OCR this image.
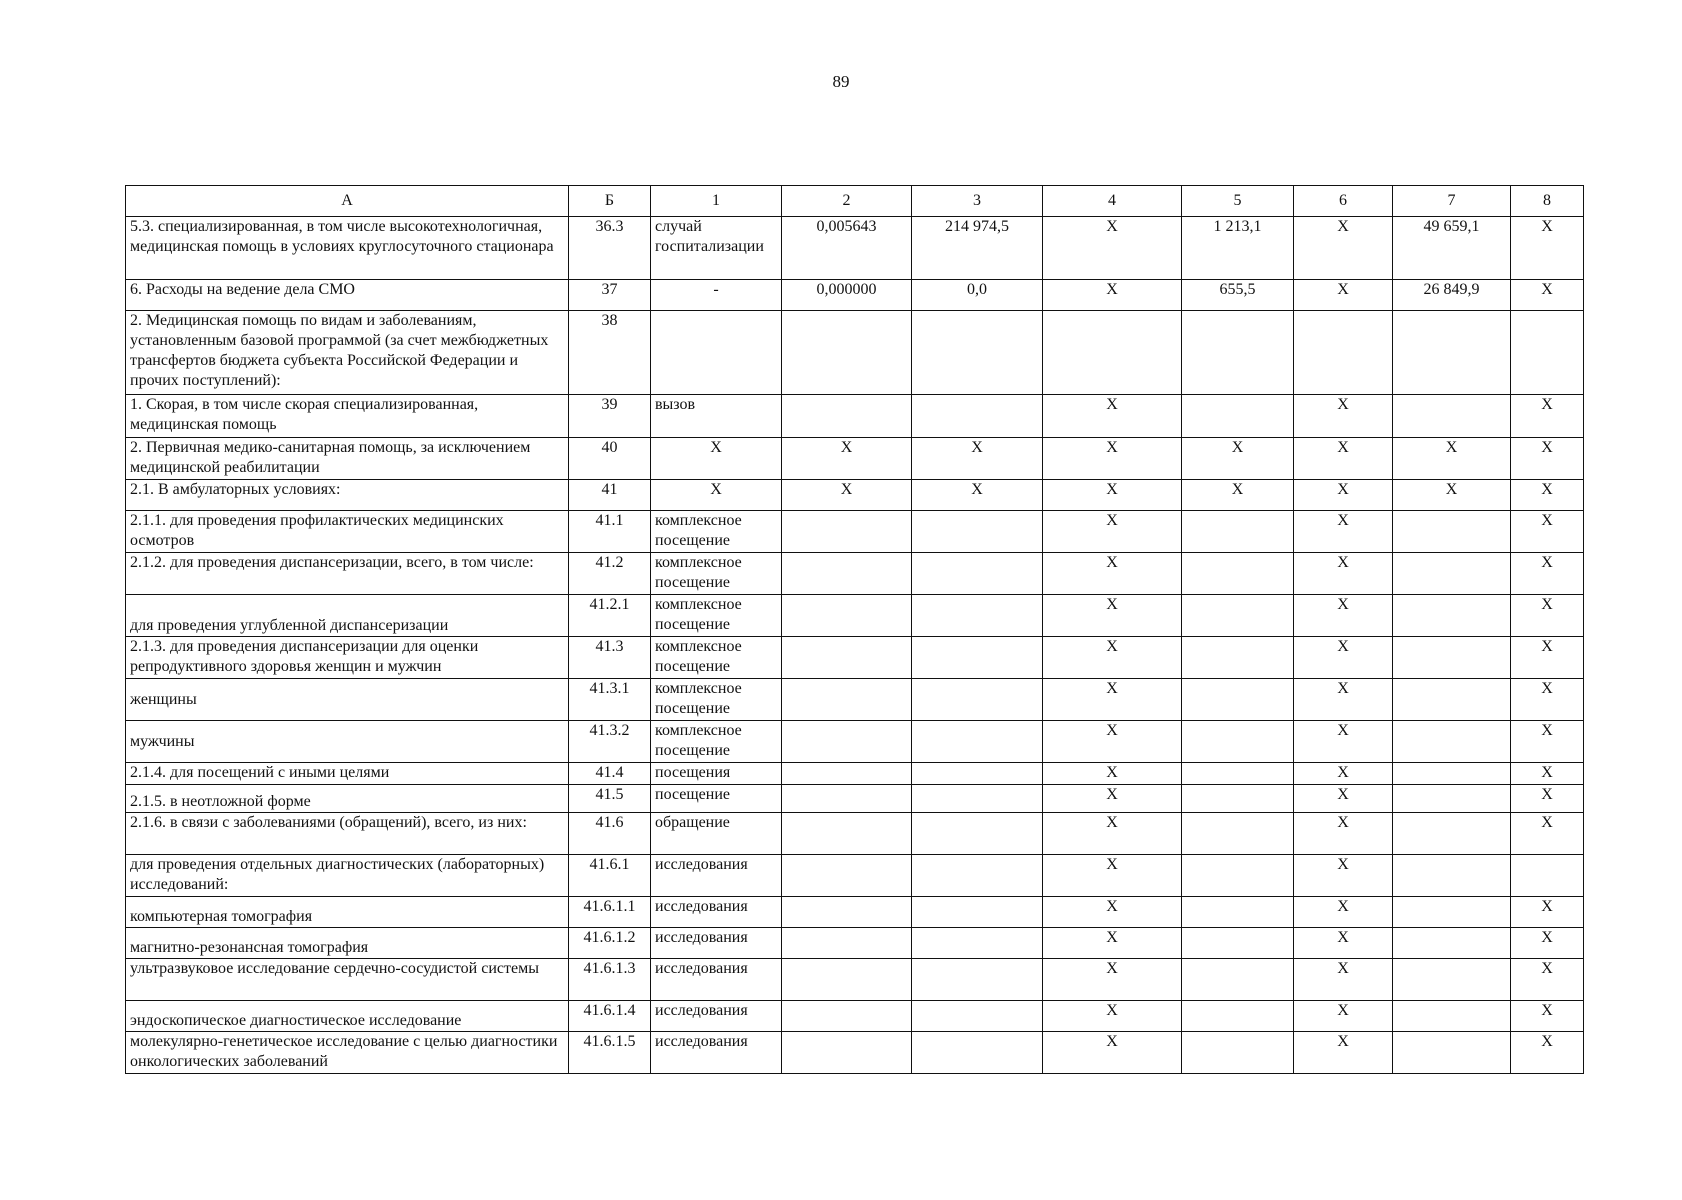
89
А	Б	1	2	3	4	5	6	7	8
5.3. специализированная, в том числе высокотехнологичная, медицинская помощь в условиях круглосуточного стационара	36.3	случай госпитализации	0,005643	214 974,5	X	1 213,1	X	49 659,1	X
6. Расходы на ведение дела СМО	37	-	0,000000	0,0	X	655,5	X	26 849,9	X
2. Медицинская помощь по видам и заболеваниям, установленным базовой программой (за счет межбюджетных трансфертов бюджета субъекта Российской Федерации и прочих поступлений):	38								
1. Скорая, в том числе скорая специализированная, медицинская помощь	39	вызов			X		X		X
2. Первичная медико-санитарная помощь, за исключением медицинской реабилитации	40	X	X	X	X	X	X	X	X
2.1. В амбулаторных условиях:	41	X	X	X	X	X	X	X	X
2.1.1. для проведения профилактических медицинских осмотров	41.1	комплексное посещение			X		X		X
2.1.2. для проведения диспансеризации, всего, в том числе:	41.2	комплексное посещение			X		X		X
для проведения углубленной диспансеризации	41.2.1	комплексное посещение			X		X		X
2.1.3. для проведения диспансеризации для оценки репродуктивного здоровья женщин и мужчин	41.3	комплексное посещение			X		X		X
женщины	41.3.1	комплексное посещение			X		X		X
мужчины	41.3.2	комплексное посещение			X		X		X
2.1.4. для посещений с иными целями	41.4	посещения			X		X		X
2.1.5. в неотложной форме	41.5	посещение			X		X		X
2.1.6. в связи с заболеваниями (обращений), всего, из них:	41.6	обращение			X		X		X
для проведения отдельных диагностических (лабораторных) исследований:	41.6.1	исследования			X		X		
компьютерная томография	41.6.1.1	исследования			X		X		X
магнитно-резонансная томография	41.6.1.2	исследования			X		X		X
ультразвуковое исследование сердечно-сосудистой системы	41.6.1.3	исследования			X		X		X
эндоскопическое диагностическое исследование	41.6.1.4	исследования			X		X		X
молекулярно-генетическое исследование с целью диагностики онкологических заболеваний	41.6.1.5	исследования			X		X		X
